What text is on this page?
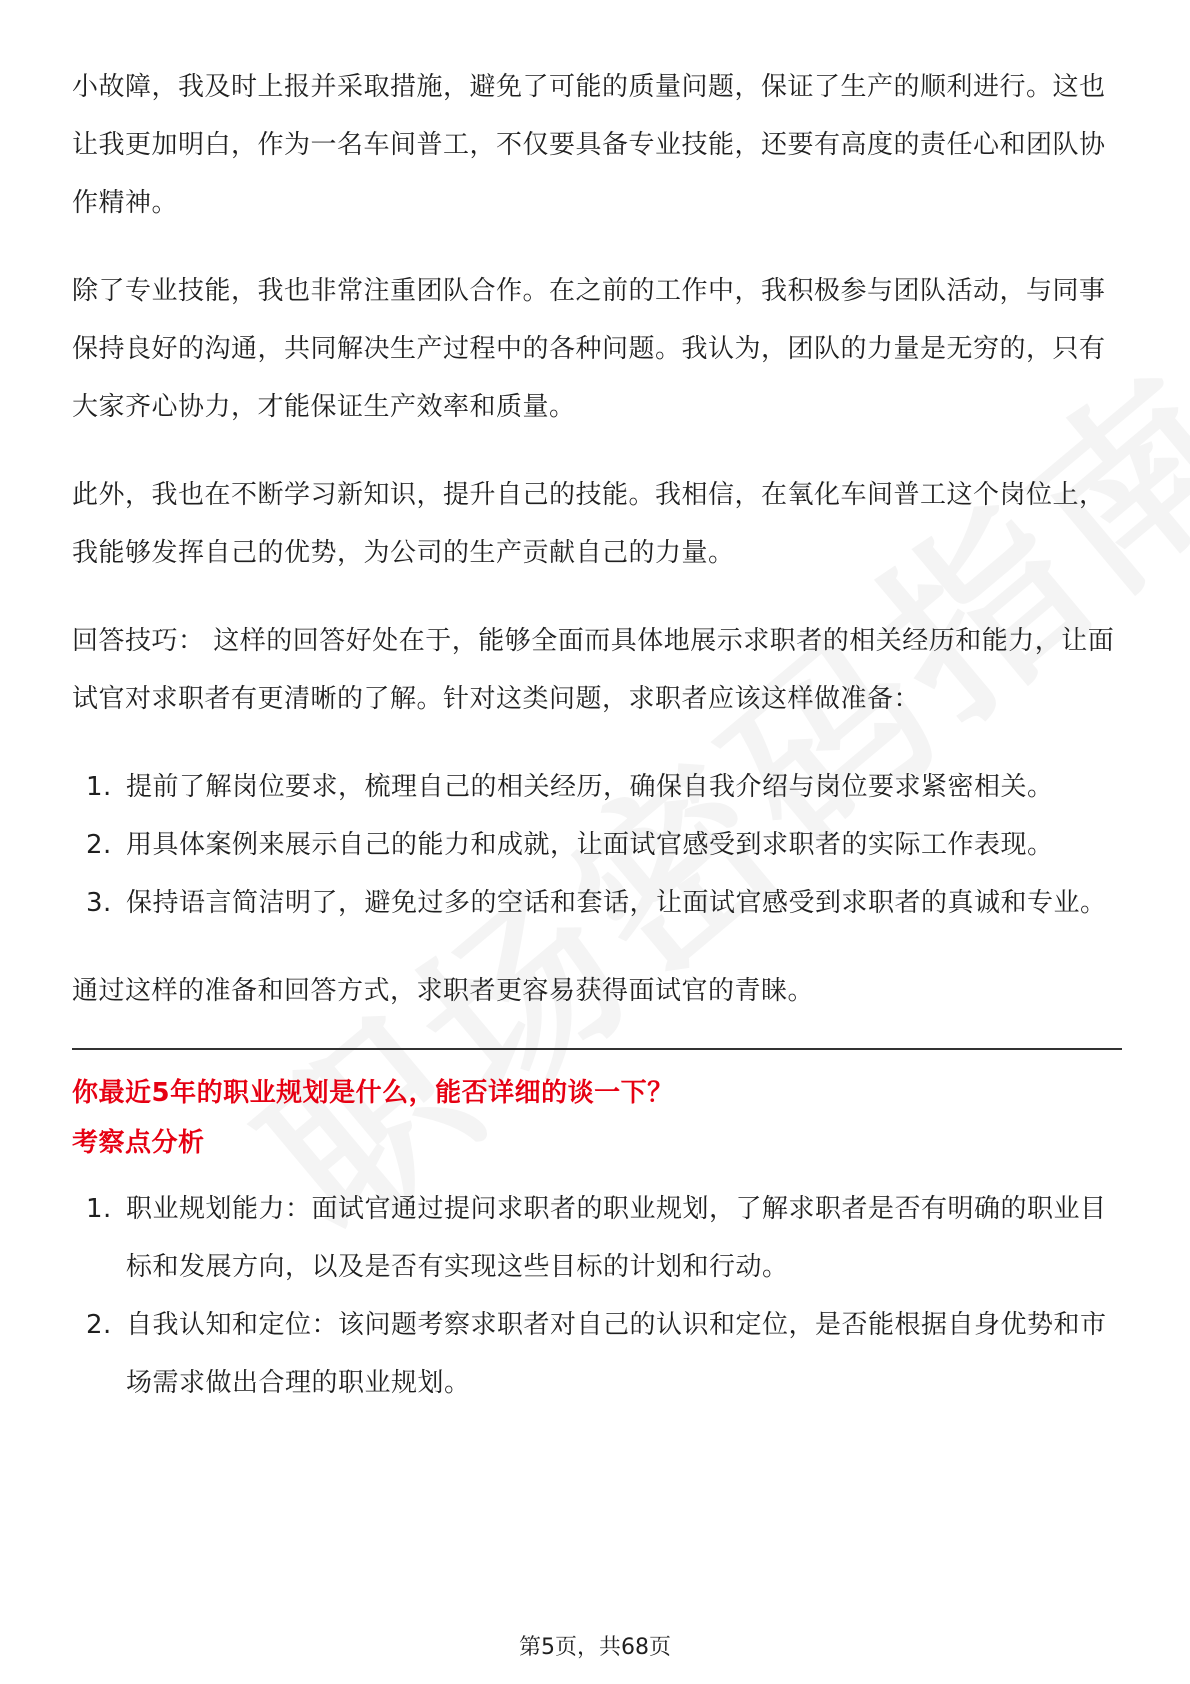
小故障，我及时上报并采取措施，避免了可能的质量问题，保证了生产的顺利进行。这也让我更加明白，作为一名车间普工，不仅要具备专业技能，还要有高度的责任心和团队协作精神。

除了专业技能，我也非常注重团队合作。在之前的工作中，我积极参与团队活动，与同事保持良好的沟通，共同解决生产过程中的各种问题。我认为，团队的力量是无穷的，只有大家齐心协力，才能保证生产效率和质量。

此外，我也在不断学习新知识，提升自己的技能。我相信，在氧化车间普工这个岗位上，我能够发挥自己的优势，为公司的生产贡献自己的力量。

回答技巧： 这样的回答好处在于，能够全面而具体地展示求职者的相关经历和能力，让面试官对求职者有更清晰的了解。针对这类问题，求职者应该这样做准备：

1. 提前了解岗位要求，梳理自己的相关经历，确保自我介绍与岗位要求紧密相关。
2. 用具体案例来展示自己的能力和成就，让面试官感受到求职者的实际工作表现。
3. 保持语言简洁明了，避免过多的空话和套话，让面试官感受到求职者的真诚和专业。

通过这样的准备和回答方式，求职者更容易获得面试官的青睐。

你最近5年的职业规划是什么，能否详细的谈一下？

考察点分析

1. 职业规划能力：面试官通过提问求职者的职业规划，了解求职者是否有明确的职业目标和发展方向，以及是否有实现这些目标的计划和行动。
2. 自我认知和定位：该问题考察求职者对自己的认识和定位，是否能根据自身优势和市场需求做出合理的职业规划。
第5页，共68页
